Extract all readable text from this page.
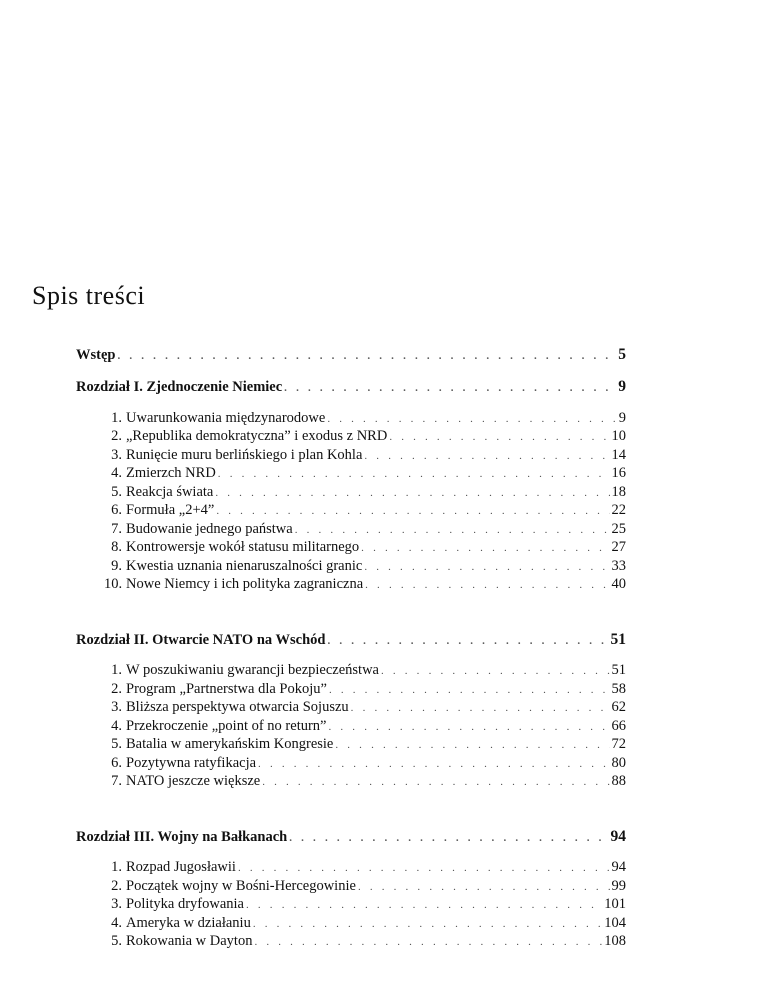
Spis treści
Wstęp . . .	5
Rozdział I. Zjednoczenie Niemiec . . .	9
1. Uwarunkowania międzynarodowe . . .	9
2. „Republika demokratyczna” i exodus z NRD . . .	10
3. Runięcie muru berlińskiego i plan Kohla . . .	14
4. Zmierzch NRD . . .	16
5. Reakcja świata . . .	18
6. Formuła „2+4” . . .	22
7. Budowanie jednego państwa . . .	25
8. Kontrowersje wokół statusu militarnego . . .	27
9. Kwestia uznania nienaruszalności granic . . .	33
10. Nowe Niemcy i ich polityka zagraniczna . . .	40
Rozdział II. Otwarcie NATO na Wschód . . .	51
1. W poszukiwaniu gwarancji bezpieczeństwa . . .	51
2. Program „Partnerstwa dla Pokoju” . . .	58
3. Bliższa perspektywa otwarcia Sojuszu . . .	62
4. Przekroczenie „point of no return” . . .	66
5. Batalia w amerykańskim Kongresie . . .	72
6. Pozytywna ratyfikacja . . .	80
7. NATO jeszcze większe . . .	88
Rozdział III. Wojny na Bałkanach . . .	94
1. Rozpad Jugosławii . . .	94
2. Początek wojny w Bośni-Hercegowinie . . .	99
3. Polityka dryfowania . . .	101
4. Ameryka w działaniu . . .	104
5. Rokowania w Dayton . . .	108
